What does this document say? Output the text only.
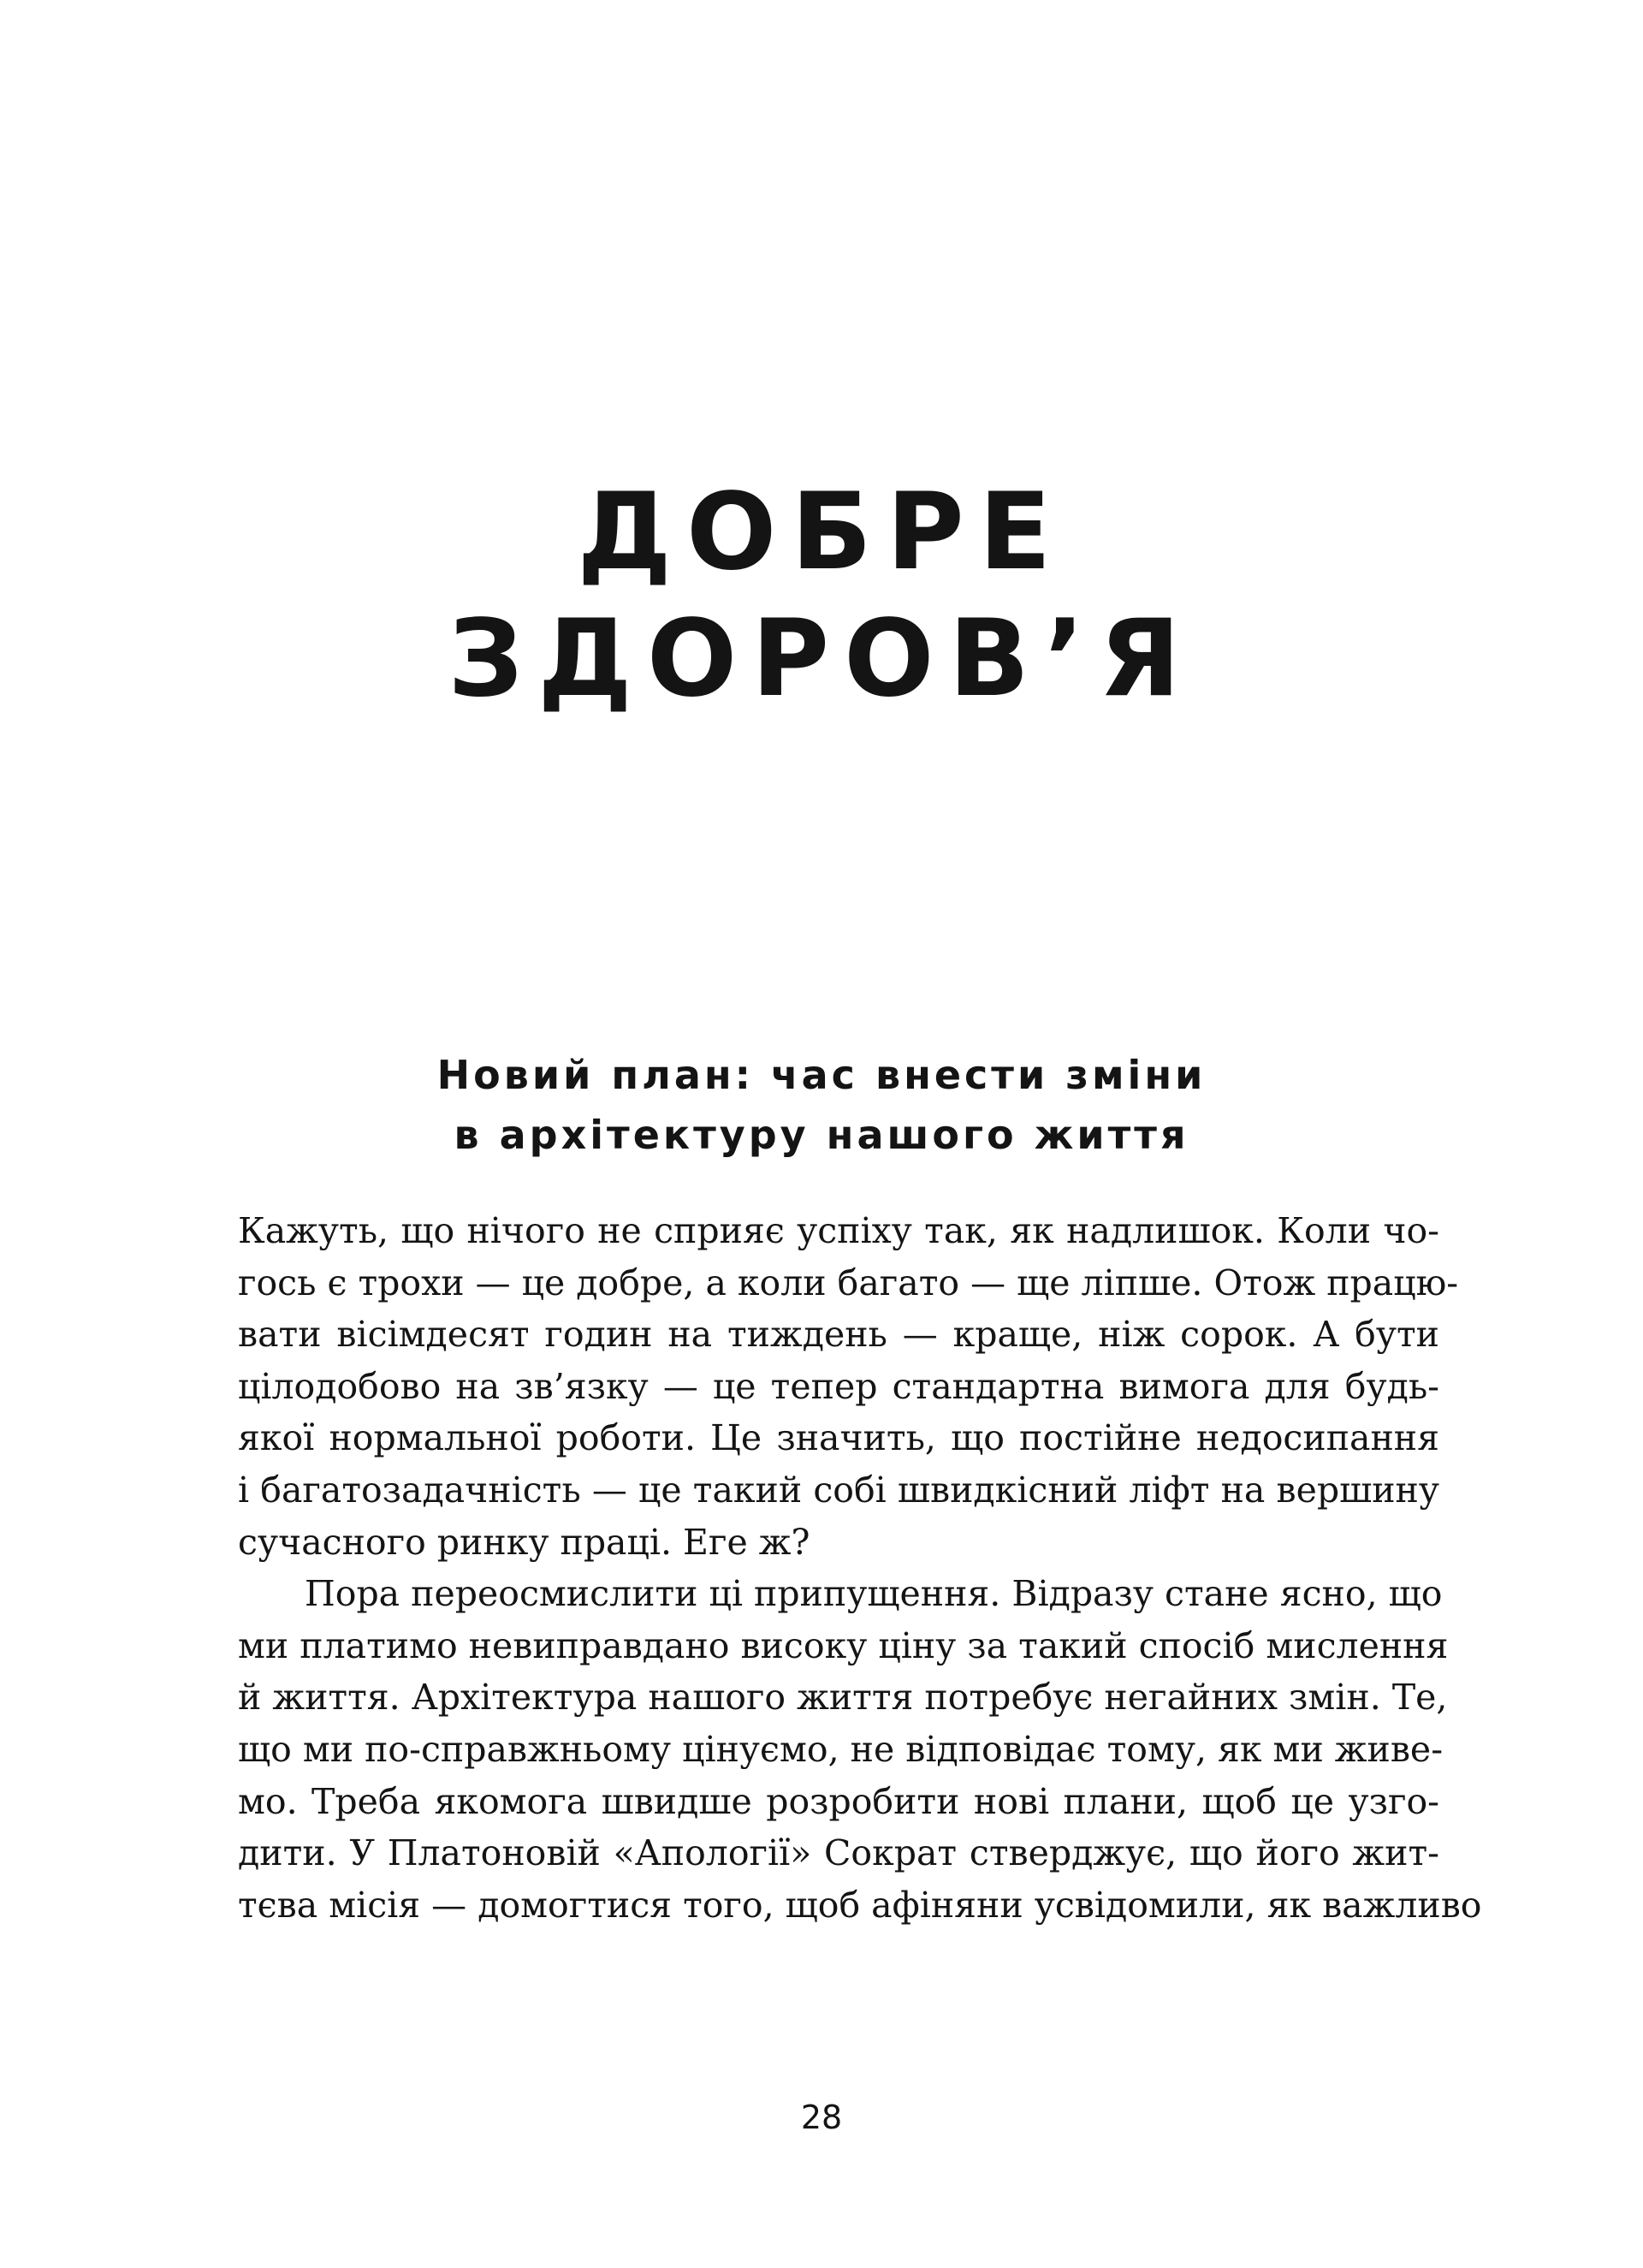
ДОБРЕ
ЗДОРОВ’Я
Новий план: час внести зміни
в архітектуру нашого життя
Кажуть, що нічого не сприяє успіху так, як надлишок. Коли чо-
гось є трохи — це добре, а коли багато — ще ліпше. Отож працю-
вати вісімдесят годин на тиждень — краще, ніж сорок. А бути
цілодобово на зв’язку — це тепер стандартна вимога для будь-
якої нормальної роботи. Це значить, що постійне недосипання
і багатозадачність — це такий собі швидкісний ліфт на вершину
сучасного ринку праці. Еге ж?
Пора переосмислити ці припущення. Відразу стане ясно, що
ми платимо невиправдано високу ціну за такий спосіб мислення
й життя. Архітектура нашого життя потребує негайних змін. Те,
що ми по-справжньому цінуємо, не відповідає тому, як ми живе-
мо. Треба якомога швидше розробити нові плани, щоб це узго-
дити. У Платоновій «Апології» Сократ стверджує, що його жит-
тєва місія — домогтися того, щоб афіняни усвідомили, як важливо
28
